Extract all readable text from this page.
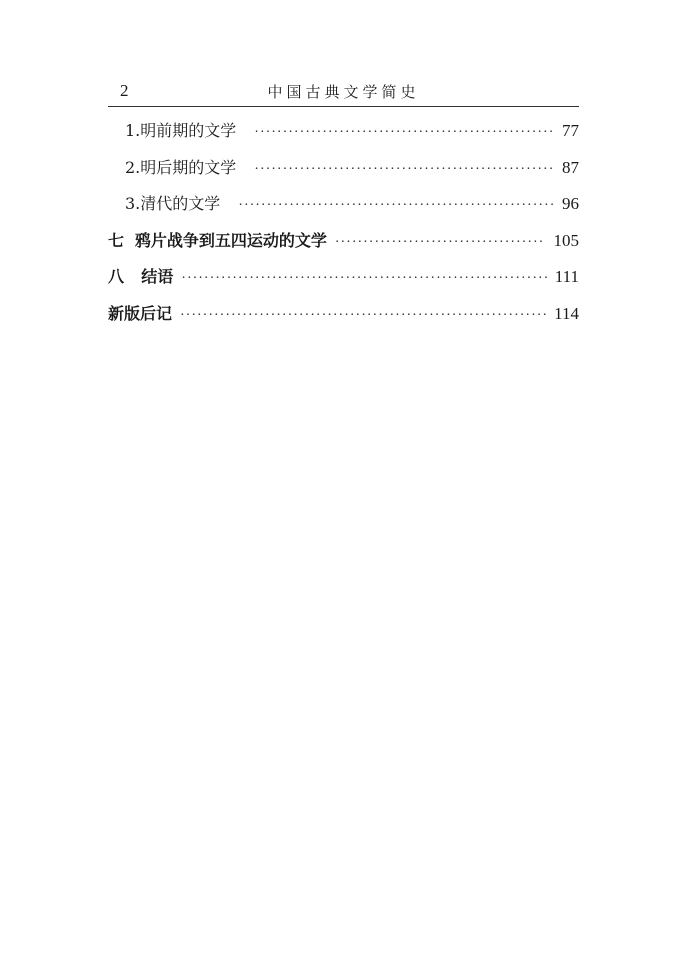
2	中国古典文学简史
1. 明前期的文学 ·····	77
2. 明后期的文学 ·····	87
3. 清代的文学 ·····	96
七 鸦片战争到五四运动的文学 ·····	105
八 结语 ·····	111
新版后记 ·····	114
